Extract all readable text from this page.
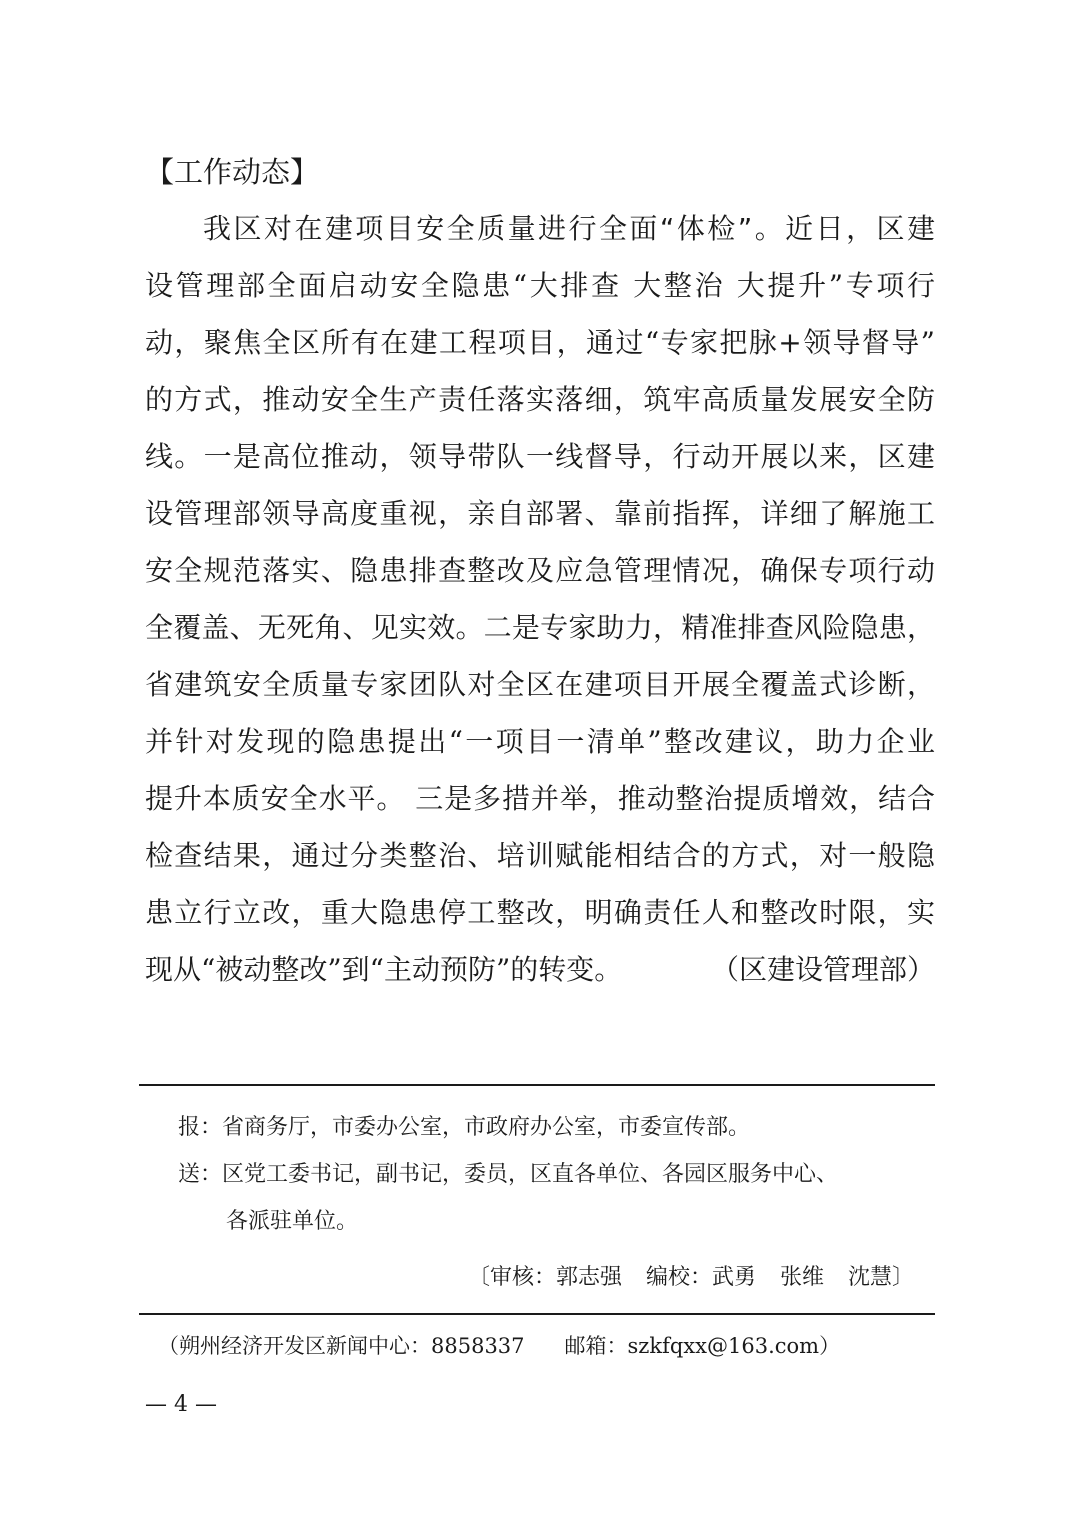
【工作动态】
我区对在建项目安全质量进行全面“体检”。近日，区建
设管理部全面启动安全隐患“大排查 大整治 大提升”专项行
动，聚焦全区所有在建工程项目，通过“专家把脉+领导督导”
的方式，推动安全生产责任落实落细，筑牢高质量发展安全防
线。一是高位推动，领导带队一线督导，行动开展以来，区建
设管理部领导高度重视，亲自部署、靠前指挥，详细了解施工
安全规范落实、隐患排查整改及应急管理情况，确保专项行动
全覆盖、无死角、见实效。二是专家助力，精准排查风险隐患，
省建筑安全质量专家团队对全区在建项目开展全覆盖式诊断，
并针对发现的隐患提出“一项目一清单”整改建议，助力企业
提升本质安全水平。 三是多措并举，推动整治提质增效，结合
检查结果，通过分类整治、培训赋能相结合的方式，对一般隐
患立行立改，重大隐患停工整改，明确责任人和整改时限，实
现从“被动整改”到“主动预防”的转变。	（区建设管理部）
报：省商务厅，市委办公室，市政府办公室，市委宣传部。
送：区党工委书记，副书记，委员，区直各单位、各园区服务中心、
各派驻单位。
〔审核：郭志强 编校：武勇 张维 沈慧〕
（朔州经济开发区新闻中心：8858337 邮箱：szkfqxx@163.com）
— 4 —
